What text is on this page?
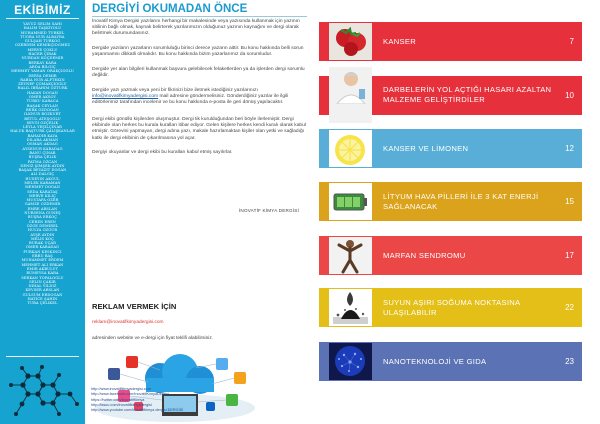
EKİBİMİZ
YAVUZ SELİM SAHİ
HALİM TAŞKIYOLU
MUHAMMED TÜRKEL
TUĞBA NUR ALBAYRA
GÜLŞAH TÜRKOĞ
ÖZERDEM KEMİKÇİOĞMEZ
MERVE ÇOKLU
HACER ÇIRAK
NURDAN KOÇDEMİR
BERKAY KARA
ARDA BİLGİÇ
MEHMET YAMAN ORAKÇIOĞLU
DERYA DEMİR
RABİA NUR ALPTEKİN
ZEYNEP ÇOMAKÇIOĞLU
HALİL İBRAHİM ÖZTÜRK
HAKAN DOĞAN
ÖMER AKSOY
TÜRKÜ KARACA
BAŞAK CEYLAN
BERK ÖZDOĞAN
İLKNUR BOZKURT
BETÜL ATEŞOĞLU
SEVGİ ÖZÇELİK
LEYLA YEŞİLÇINAR
HALUK BAŞTÜRK ÇALIŞKANLAR
BAHADIR KAYA
DİLARA AKMAN
OSMAN AKDAĞ
AYSENUR KARADAĞ
BANU ÇINAR
BÜŞRA ÇELİK
FATMA ÖZCAN
DENİZ ŞİMŞEK AYDIN
BAŞAK BEYAZIT DOĞAN
ALİ DALGIÇ
HÜSEYİN AKGÜL
MELEK KARAMAN
MEHMET DOĞAN
SEDA KARATAŞ
MERVE KILIÇ
MUSTAFA ÖZER
GAMZE ÖZDEMİR
EMRE ARSLAN
NURSENA GÜNEŞ
BÜŞRA ERKOÇ
CEREN EREN
ÖZGE DEMİREL
HÜLYA ÖZGÜR
AYŞE AYDIN
MELİS KOÇ
BURAK UÇAR
ÖMER KARADAĞ
FURKAN KESKİNCİ
EBRU BAŞ
MUHAMMET ERDEM
MEHMET ALİ ERKAN
EMİR AKBULUT
RUMEYSA KARA
SERKAN TOPALOĞLU
SELİN ÇAKIR
NİHAL YILDIZ
KEVSER ARSLAN
GÜLSÜM ERDOĞAN
HATİCE ŞAHİN
TUBA ÇELİKEL
DERGİYİ OKUMADAN ÖNCE

İnovatif Kimya Dergisi yazılarını herhangi bir makalesinde veya yazısında kullanmak için yazının sitilinin bağlı olmak, kaynak belirterek yazılarımızın olduğunuz yazının kaynağını ve dergi olarak belirtmek durumundasınız.

Dergide yazıların yazarların sorumluluğu birinci derece yazarın aittir. Bu konu hakkında belli sorun yaşanmamsı dikkatli olmalıdır. Bu konu hakkında bizim yazarlarımız da sorumludur.

Dergide yer alan bilgileri kullanmak başvura gelebilecek felaketlerden ya da işlerden dergi sorumlu değildir.

Dergide yazı yazmak veya yeni bir fikrinizi bize iletmek istediğiniz yazılarınızı info@inovatifkimyadergisi.com mail adresine göndermelisiniz. Gönderdiğiniz yazılar ile ilgili editörlerimiz tarafından incelenir ve bu konu hakkında e-posta ile geri dönüş yapılacaktır.

Dergi ekibi gönüllü kişilerden oluşmuştur. Dergi tik kurulduğundan beri böyle ilerlemiştir. Dergi ekibinde olan herkes bu kurala kuralları itibar ediyor. Gelen kişilere herkes kendi kuralı olarak kabul etmiştir. Görevini yapmayan, dergi adına yazı, makale hazırlamaktan kişiler olan yetki ve sağladığı katkı ile dergi ekibinin de çıkarılmasına yol açar.

Dergiyi okuyanlar ve dergi ekibi bu kuralları kabul etmiş sayılırlar.

İNOVATİF KİMYA DERGİSİ
REKLAM VERMEK İÇİN
reklam@inovatifkimyadergisi.com
adresinden website ve e-dergi için fiyat teklifi alabilirsiniz.
http://www.inovatifkimyadergisi.com
http://www.facebook.com/InovatifKimyaDergisi
https://twitter.com/InovatifKimya
http://issuu.com/inovatifkimyadergisi
http://www.youtube.com/inovatifkimya dergisi DERGİSİ
KANSER	7
DARBELERİN YOL AÇTIĞI HASARI AZALTAN MALZEME GELİŞTİRDİLER	10
KANSER VE LİMONEN	12
LİTYUM HAVA PİLLERİ İLE 3 KAT ENERJİ SAĞLANACAK	15
MARFAN SENDROMU	17
SUYUN AŞIRI SOĞUMA NOKTASINA ULAŞILABİLİR	22
NANOTEKNOLOJİ VE GIDA	23
